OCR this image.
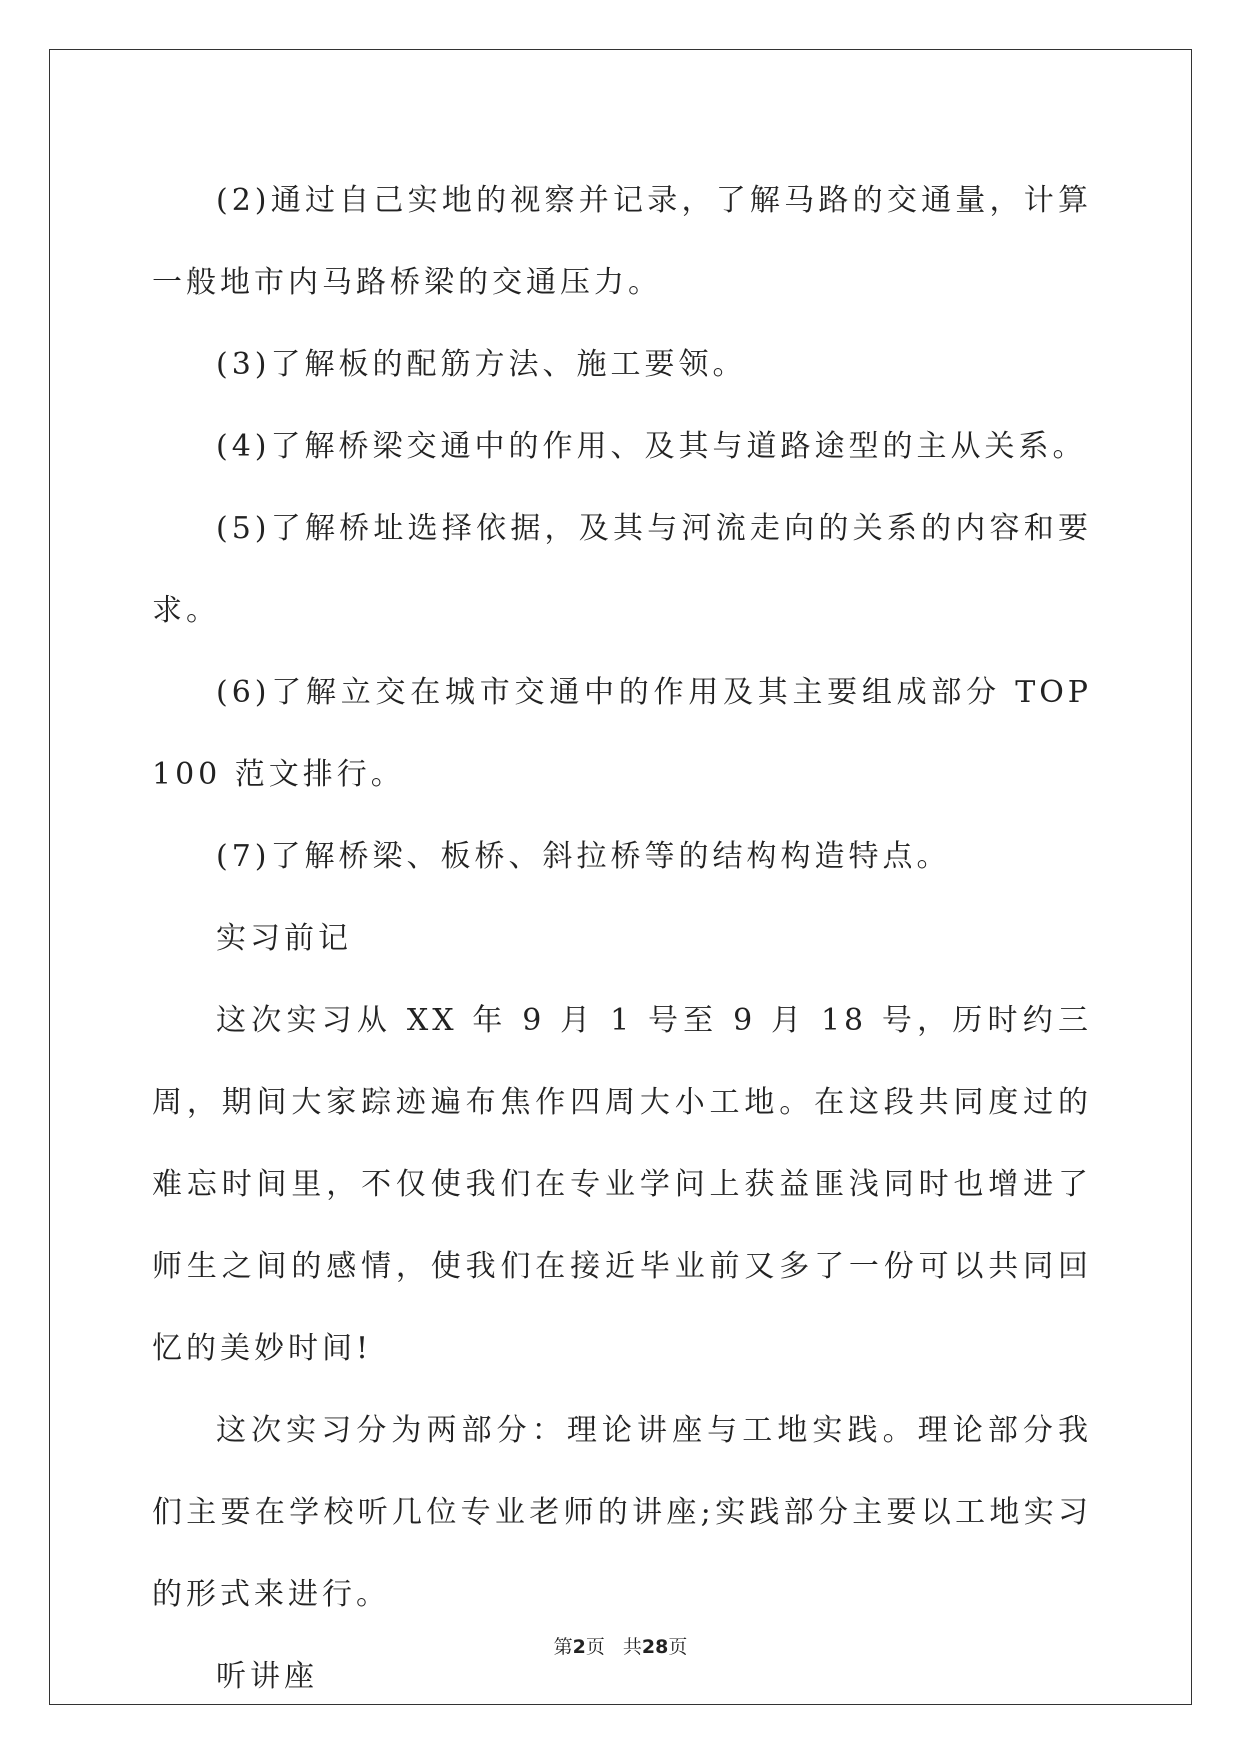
(2)通过自己实地的视察并记录，了解马路的交通量，计算一般地市内马路桥梁的交通压力。

(3)了解板的配筋方法、施工要领。

(4)了解桥梁交通中的作用、及其与道路途型的主从关系。

(5)了解桥址选择依据，及其与河流走向的关系的内容和要求。

(6)了解立交在城市交通中的作用及其主要组成部分 TOP100 范文排行。

(7)了解桥梁、板桥、斜拉桥等的结构构造特点。

实习前记

这次实习从 XX 年 9 月 1 号至 9 月 18 号，历时约三周，期间大家踪迹遍布焦作四周大小工地。在这段共同度过的难忘时间里，不仅使我们在专业学问上获益匪浅同时也增进了师生之间的感情，使我们在接近毕业前又多了一份可以共同回忆的美妙时间!

这次实习分为两部分：理论讲座与工地实践。理论部分我们主要在学校听几位专业老师的讲座;实践部分主要以工地实习的形式来进行。

听讲座

第2页 共28页
